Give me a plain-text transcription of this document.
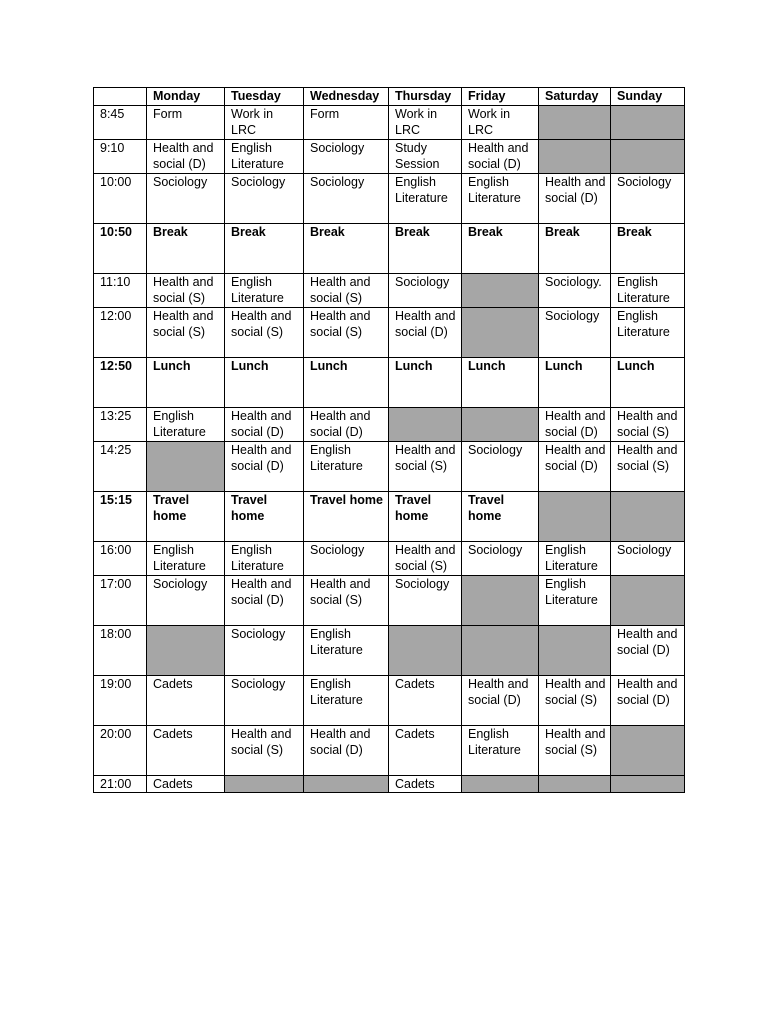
	Monday	Tuesday	Wednesday	Thursday	Friday	Saturday	Sunday
8:45	Form	Work in LRC	Form	Work in LRC	Work in LRC		
9:10	Health and social (D)	English Literature	Sociology	Study Session	Health and social (D)		
10:00	Sociology	Sociology	Sociology	English Literature	English Literature	Health and social (D)	Sociology
10:50	Break	Break	Break	Break	Break	Break	Break
11:10	Health and social (S)	English Literature	Health and social (S)	Sociology		Sociology.	English Literature
12:00	Health and social (S)	Health and social (S)	Health and social (S)	Health and social (D)		Sociology	English Literature
12:50	Lunch	Lunch	Lunch	Lunch	Lunch	Lunch	Lunch
13:25	English Literature	Health and social (D)	Health and social (D)			Health and social (D)	Health and social (S)
14:25		Health and social (D)	English Literature	Health and social (S)	Sociology	Health and social (D)	Health and social (S)
15:15	Travel home	Travel home	Travel home	Travel home	Travel home		
16:00	English Literature	English Literature	Sociology	Health and social (S)	Sociology	English Literature	Sociology
17:00	Sociology	Health and social (D)	Health and social (S)	Sociology		English Literature	
18:00		Sociology	English Literature				Health and social (D)
19:00	Cadets	Sociology	English Literature	Cadets	Health and social (D)	Health and social (S)	Health and social (D)
20:00	Cadets	Health and social (S)	Health and social (D)	Cadets	English Literature	Health and social (S)	
21:00	Cadets			Cadets			
